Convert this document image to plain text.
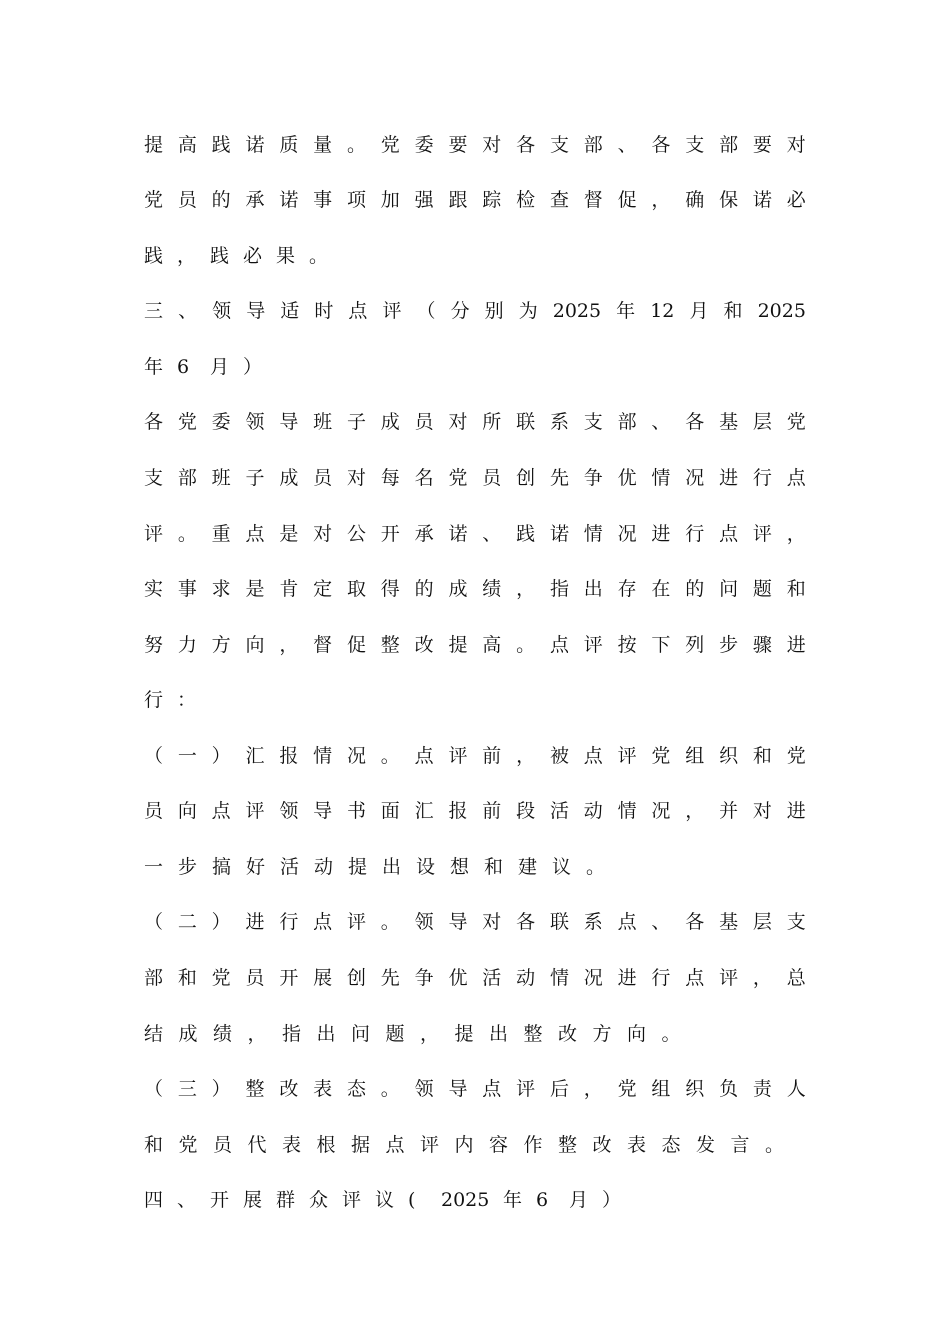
提 高 践 诺 质 量 。 党 委 要 对 各 支 部 、 各 支 部 要 对
党 员 的 承 诺 事 项 加 强 跟 踪 检 查 督 促 ， 确 保 诺 必
践 ， 践 必 果 。
三 、 领 导 适 时 点 评 （ 分 别 为 2025 年 12 月 和 2025
年 6 月 ）
各 党 委 领 导 班 子 成 员 对 所 联 系 支 部 、 各 基 层 党
支 部 班 子 成 员 对 每 名 党 员 创 先 争 优 情 况 进 行 点
评 。 重 点 是 对 公 开 承 诺 、 践 诺 情 况 进 行 点 评 ，
实 事 求 是 肯 定 取 得 的 成 绩 ， 指 出 存 在 的 问 题 和
努 力 方 向 ， 督 促 整 改 提 高 。 点 评 按 下 列 步 骤 进
行 ：
（ 一 ） 汇 报 情 况 。 点 评 前 ， 被 点 评 党 组 织 和 党
员 向 点 评 领 导 书 面 汇 报 前 段 活 动 情 况 ， 并 对 进
一 步 搞 好 活 动 提 出 设 想 和 建 议 。
（ 二 ） 进 行 点 评 。 领 导 对 各 联 系 点 、 各 基 层 支
部 和 党 员 开 展 创 先 争 优 活 动 情 况 进 行 点 评 ， 总
结 成 绩 ， 指 出 问 题 ， 提 出 整 改 方 向 。
（ 三 ） 整 改 表 态 。 领 导 点 评 后 ， 党 组 织 负 责 人
和 党 员 代 表 根 据 点 评 内 容 作 整 改 表 态 发 言 。
四 、 开 展 群 众 评 议 ( 2025 年 6 月 ）
